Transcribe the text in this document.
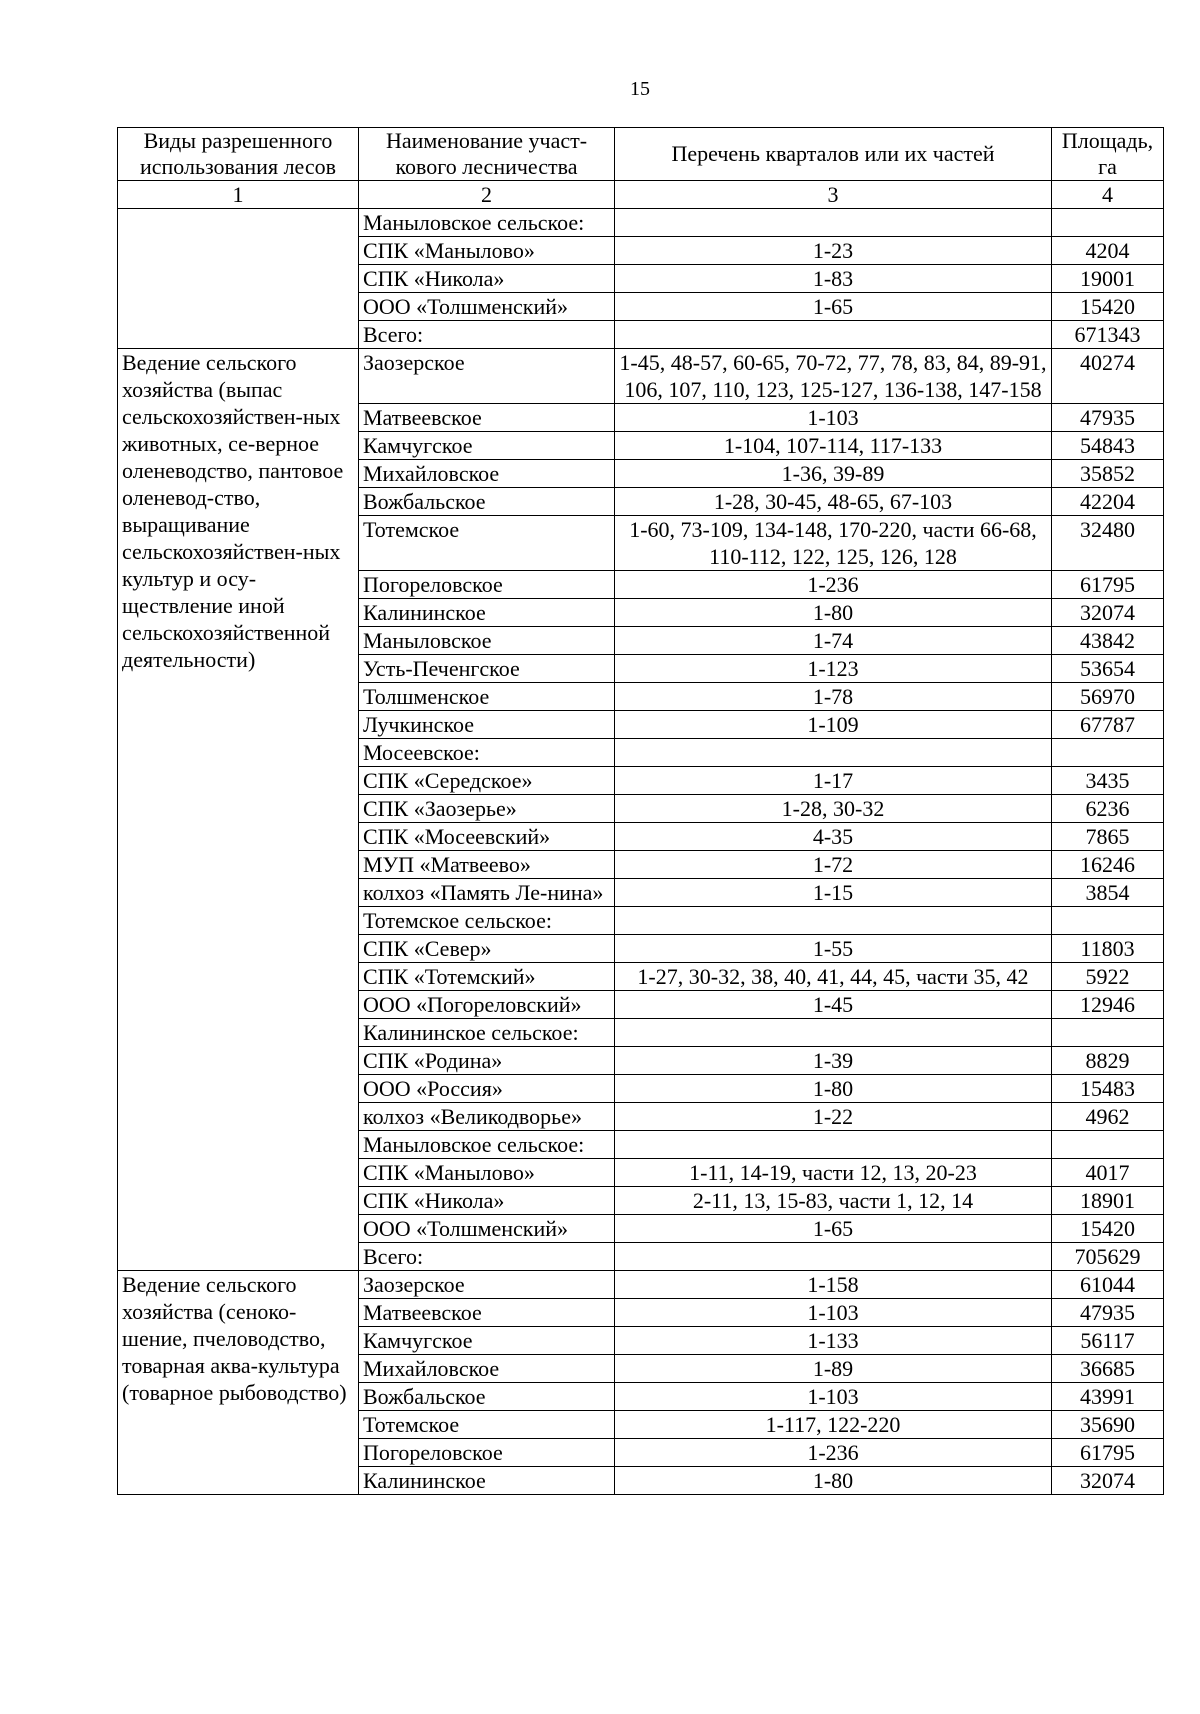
15
Виды разрешенного использования лесов	Наименование участ-кового лесничества	Перечень кварталов или их частей	Площадь, га
1	2	3	4
	Маныловское сельское:		
	СПК «Манылово»	1-23	4204
	СПК «Никола»	1-83	19001
	ООО «Толшменский»	1-65	15420
	Всего:		671343
Ведение сельского хозяйства (выпас сельскохозяйствен-ных животных, се-верное оленеводство, пантовое оленевод-ство, выращивание сельскохозяйствен-ных культур и осу-ществление иной сельскохозяйственной деятельности)	Заозерское	1-45, 48-57, 60-65, 70-72, 77, 78, 83, 84, 89-91, 106, 107, 110, 123, 125-127, 136-138, 147-158	40274
	Матвеевское	1-103	47935
	Камчугское	1-104, 107-114, 117-133	54843
	Михайловское	1-36, 39-89	35852
	Вожбальское	1-28, 30-45, 48-65, 67-103	42204
	Тотемское	1-60, 73-109, 134-148, 170-220, части 66-68, 110-112, 122, 125, 126, 128	32480
	Погореловское	1-236	61795
	Калининское	1-80	32074
	Маныловское	1-74	43842
	Усть-Печенгское	1-123	53654
	Толшменское	1-78	56970
	Лучкинское	1-109	67787
	Мосеевское:		
	СПК «Середское»	1-17	3435
	СПК «Заозерье»	1-28, 30-32	6236
	СПК «Мосеевский»	4-35	7865
	МУП «Матвеево»	1-72	16246
	колхоз «Память Ле-нина»	1-15	3854
	Тотемское сельское:		
	СПК «Север»	1-55	11803
	СПК «Тотемский»	1-27, 30-32, 38, 40, 41, 44, 45, части 35, 42	5922
	ООО «Погореловский»	1-45	12946
	Калининское сельское:		
	СПК «Родина»	1-39	8829
	ООО «Россия»	1-80	15483
	колхоз «Великодворье»	1-22	4962
	Маныловское сельское:		
	СПК «Манылово»	1-11, 14-19, части 12, 13, 20-23	4017
	СПК «Никола»	2-11, 13, 15-83, части 1, 12, 14	18901
	ООО «Толшменский»	1-65	15420
	Всего:		705629
Ведение сельского хозяйства (сеноко-шение, пчеловодство, товарная аква-культура (товарное рыбоводство)	Заозерское	1-158	61044
	Матвеевское	1-103	47935
	Камчугское	1-133	56117
	Михайловское	1-89	36685
	Вожбальское	1-103	43991
	Тотемское	1-117, 122-220	35690
	Погореловское	1-236	61795
	Калининское	1-80	32074
